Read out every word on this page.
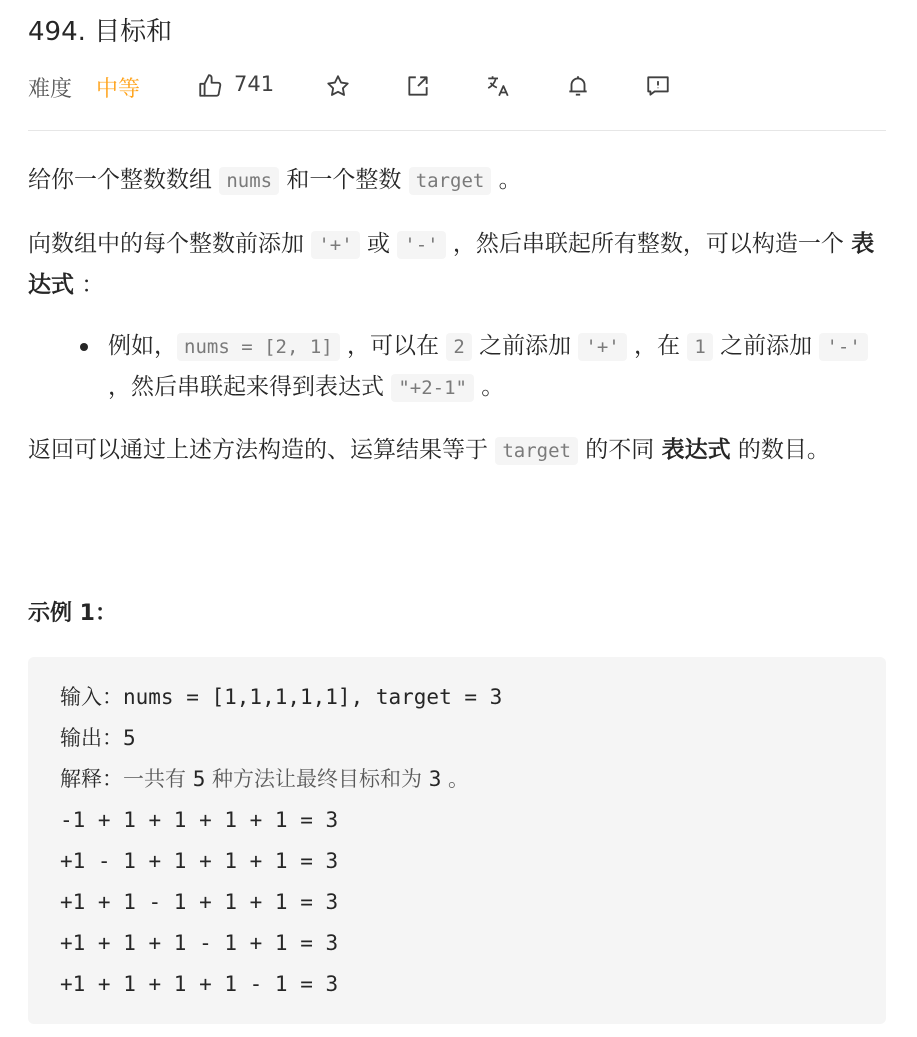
494. 目标和
难度 中等	741
给你一个整数数组 nums 和一个整数 target 。
向数组中的每个整数前添加 '+' 或 '-' ，然后串联起所有整数，可以构造一个 表达式 ：
例如， nums = [2, 1] ，可以在 2 之前添加 '+' ，在 1 之前添加 '-' ，然后串联起来得到表达式 "+2-1" 。
返回可以通过上述方法构造的、运算结果等于 target 的不同 表达式 的数目。
示例 1：
输入：nums = [1,1,1,1,1], target = 3
输出：5
解释：一共有 5 种方法让最终目标和为 3 。
-1 + 1 + 1 + 1 + 1 = 3
+1 - 1 + 1 + 1 + 1 = 3
+1 + 1 - 1 + 1 + 1 = 3
+1 + 1 + 1 - 1 + 1 = 3
+1 + 1 + 1 + 1 - 1 = 3
